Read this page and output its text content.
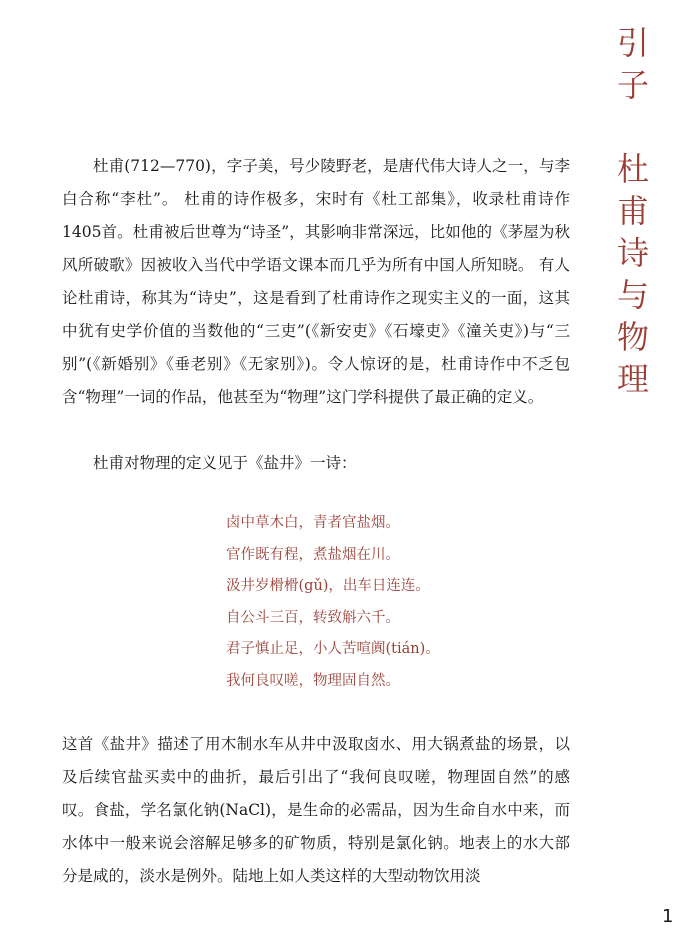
引
子
杜
甫
诗
与
物
理

杜甫(712—770)，字子美，号少陵野老，是唐代伟大诗人之一，与李白合称“李杜”。 杜甫的诗作极多，宋时有《杜工部集》，收录杜甫诗作1405首。杜甫被后世尊为“诗圣”，其影响非常深远，比如他的《茅屋为秋风所破歌》因被收入当代中学语文课本而几乎为所有中国人所知晓。 有人论杜甫诗，称其为“诗史”，这是看到了杜甫诗作之现实主义的一面，这其中犹有史学价值的当数他的“三吏”(《新安吏》《石壕吏》《潼关吏》)与“三别”(《新婚别》《垂老别》《无家别》)。令人惊讶的是，杜甫诗作中不乏包含“物理”一词的作品，他甚至为“物理”这门学科提供了最正确的定义。

杜甫对物理的定义见于《盐井》一诗：

卤中草木白，青者官盐烟。
官作既有程，煮盐烟在川。
汲井岁榾榾(gǔ)，出车日连连。
自公斗三百，转致斛六千。
君子慎止足，小人苦喧阗(tián)。
我何良叹嗟，物理固自然。

这首《盐井》描述了用木制水车从井中汲取卤水、用大锅煮盐的场景，以及后续官盐买卖中的曲折，最后引出了“我何良叹嗟，物理固自然”的感叹。食盐，学名氯化钠(NaCl)，是生命的必需品，因为生命自水中来，而水体中一般来说会溶解足够多的矿物质，特别是氯化钠。地表上的水大部分是咸的，淡水是例外。陆地上如人类这样的大型动物饮用淡

1
